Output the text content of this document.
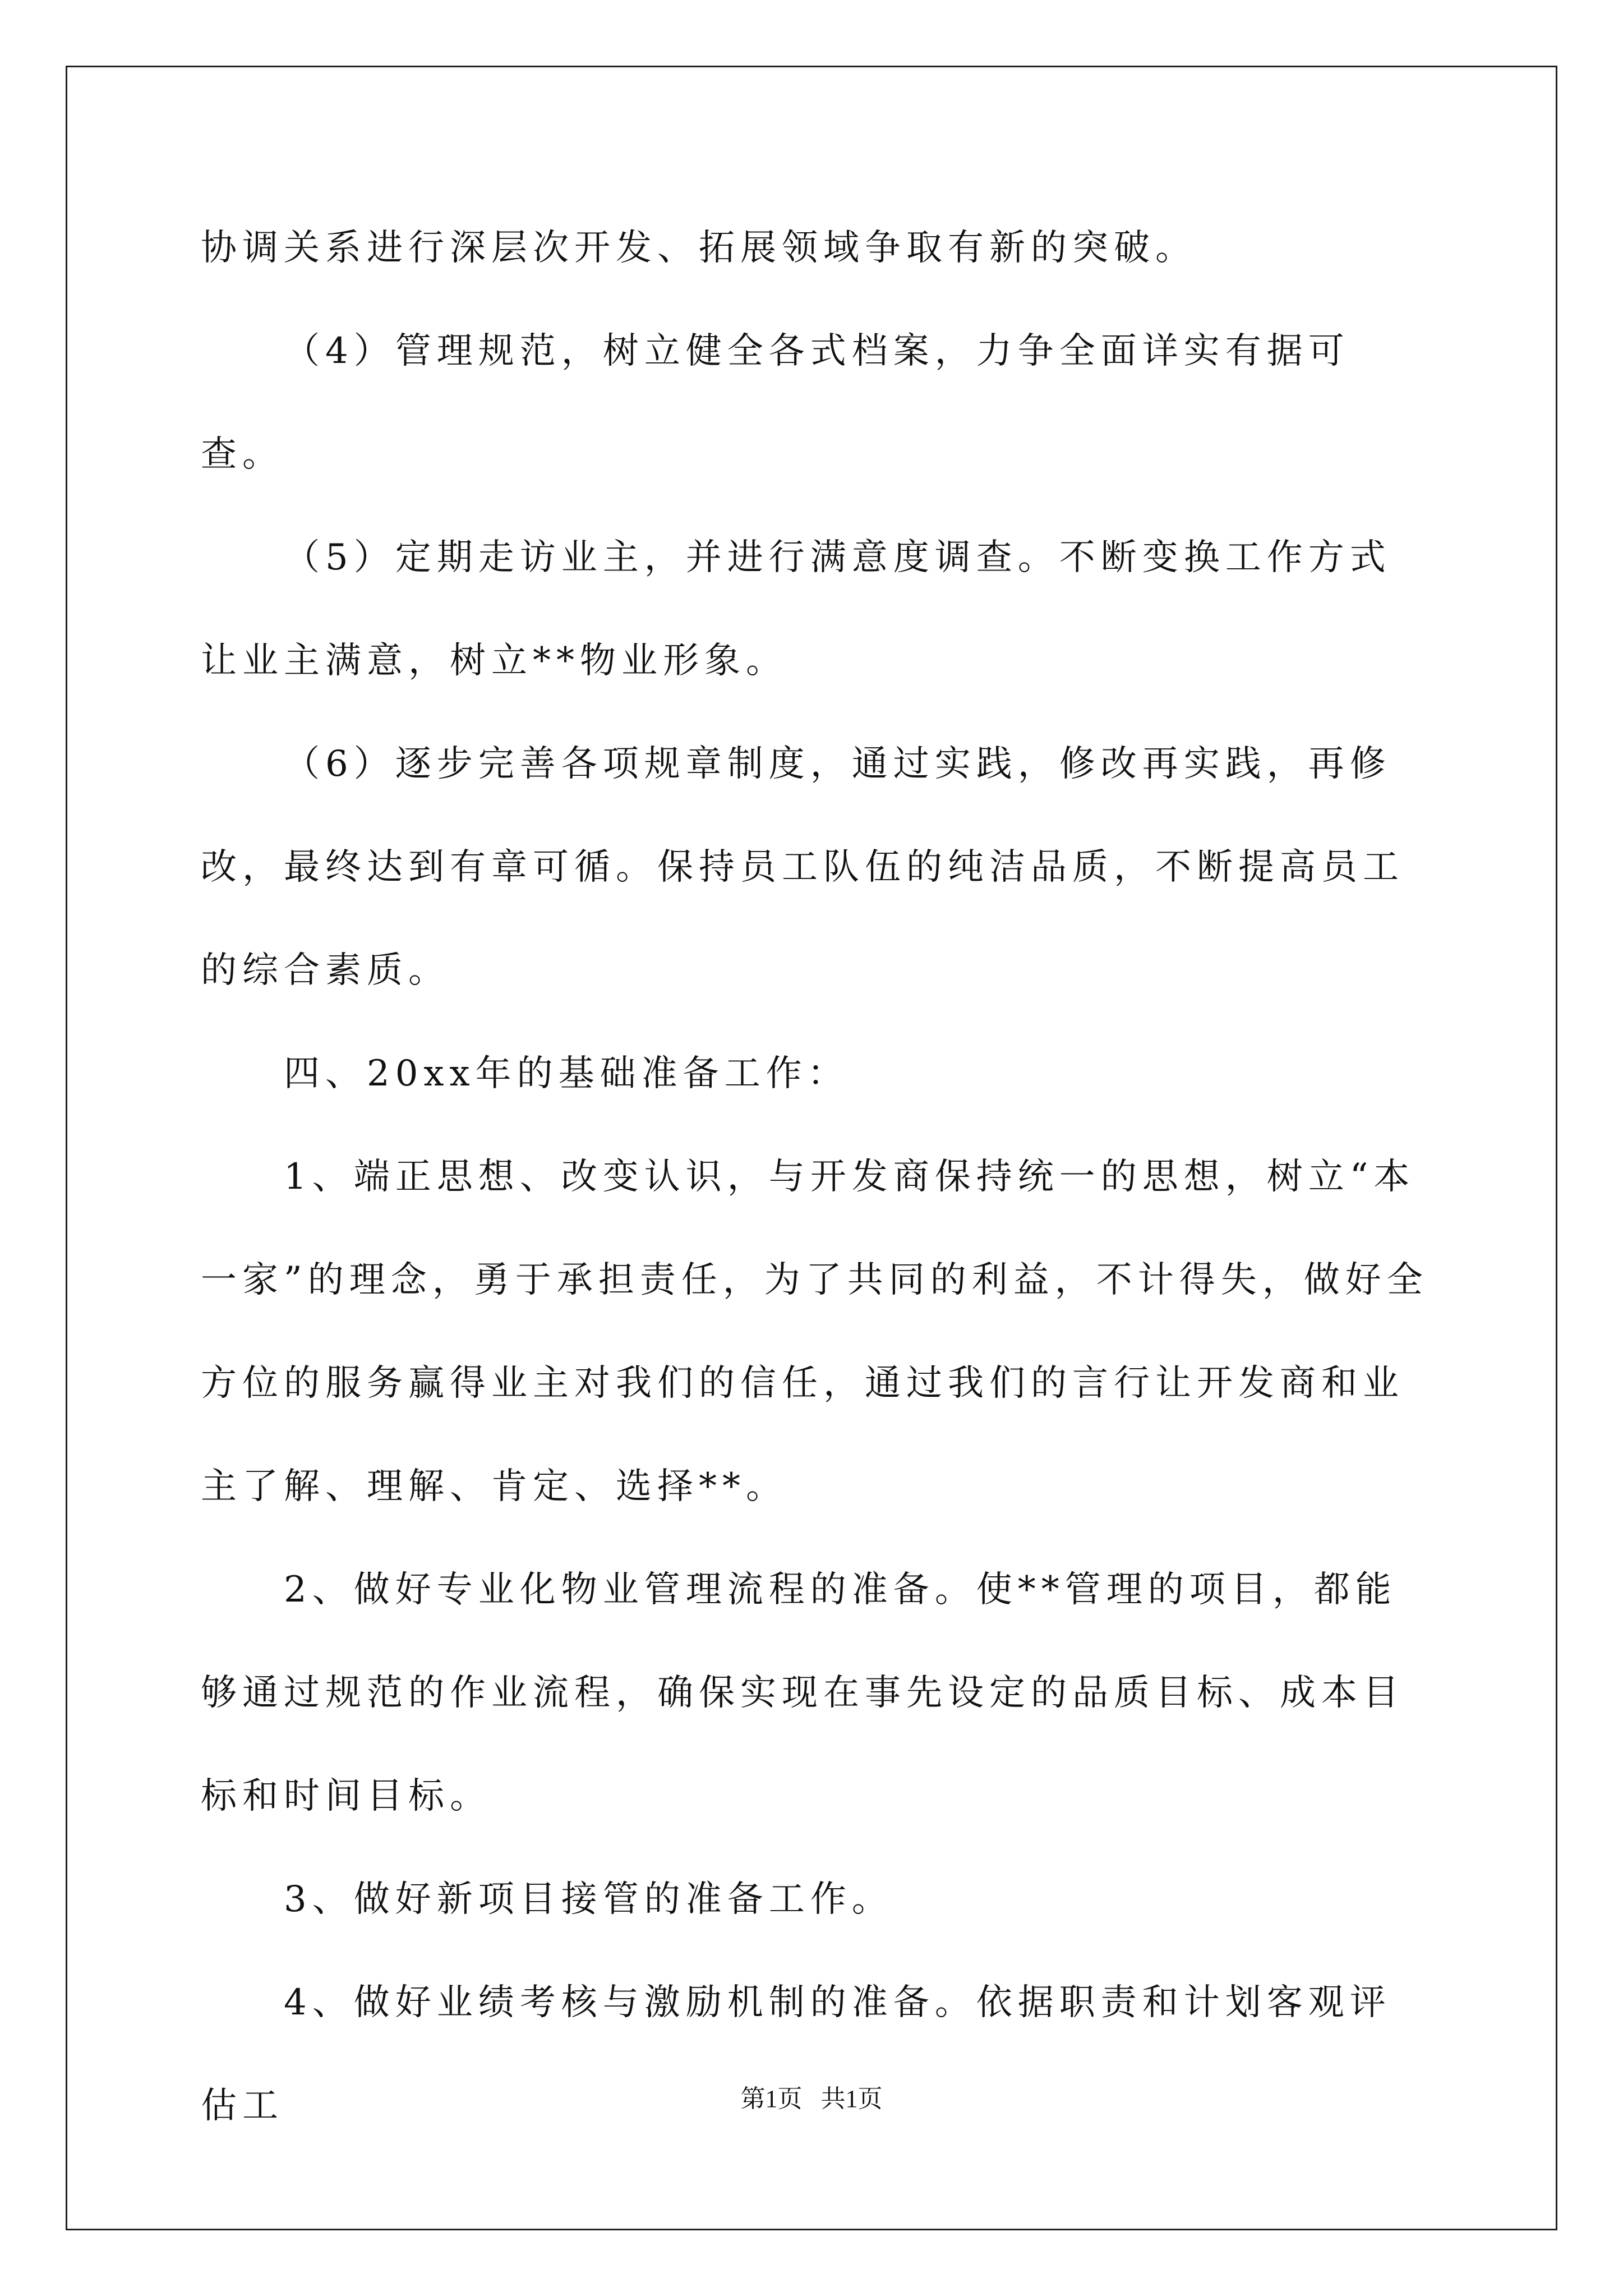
协调关系进行深层次开发、拓展领域争取有新的突破。

（4）管理规范，树立健全各式档案，力争全面详实有据可查。

（5）定期走访业主，并进行满意度调查。不断变换工作方式让业主满意，树立**物业形象。

（6）逐步完善各项规章制度，通过实践，修改再实践，再修改，最终达到有章可循。保持员工队伍的纯洁品质，不断提高员工的综合素质。

四、20xx年的基础准备工作：

1、端正思想、改变认识，与开发商保持统一的思想，树立“本一家”的理念，勇于承担责任，为了共同的利益，不计得失，做好全方位的服务赢得业主对我们的信任，通过我们的言行让开发商和业主了解、理解、肯定、选择**。

2、做好专业化物业管理流程的准备。使**管理的项目，都能够通过规范的作业流程，确保实现在事先设定的品质目标、成本目标和时间目标。

3、做好新项目接管的准备工作。

4、做好业绩考核与激励机制的准备。依据职责和计划客观评估工	第1页   共1页
